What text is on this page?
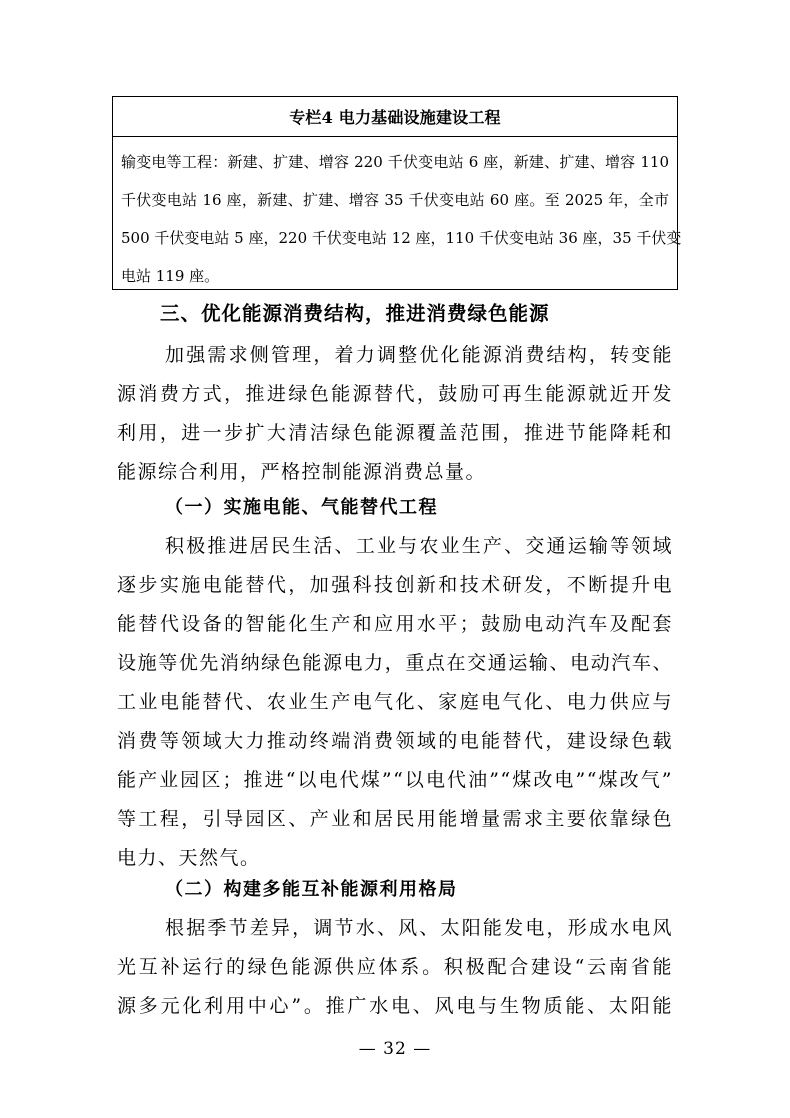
专栏4 电力基础设施建设工程
输变电等工程：新建、扩建、增容 220 千伏变电站 6 座，新建、扩建、增容 110
千伏变电站 16 座，新建、扩建、增容 35 千伏变电站 60 座。至 2025 年，全市
500 千伏变电站 5 座，220 千伏变电站 12 座，110 千伏变电站 36 座，35 千伏变
电站 119 座。
三、优化能源消费结构，推进消费绿色能源
加强需求侧管理，着力调整优化能源消费结构，转变能
源消费方式，推进绿色能源替代，鼓励可再生能源就近开发
利用，进一步扩大清洁绿色能源覆盖范围，推进节能降耗和
能源综合利用，严格控制能源消费总量。
（一）实施电能、气能替代工程
积极推进居民生活、工业与农业生产、交通运输等领域
逐步实施电能替代，加强科技创新和技术研发，不断提升电
能替代设备的智能化生产和应用水平；鼓励电动汽车及配套
设施等优先消纳绿色能源电力，重点在交通运输、电动汽车、
工业电能替代、农业生产电气化、家庭电气化、电力供应与
消费等领域大力推动终端消费领域的电能替代，建设绿色载
能产业园区；推进“以电代煤”“以电代油”“煤改电”“煤改气”
等工程，引导园区、产业和居民用能增量需求主要依靠绿色
电力、天然气。
（二）构建多能互补能源利用格局
根据季节差异，调节水、风、太阳能发电，形成水电风
光互补运行的绿色能源供应体系。积极配合建设“云南省能
源多元化利用中心”。推广水电、风电与生物质能、太阳能
— 32 —
